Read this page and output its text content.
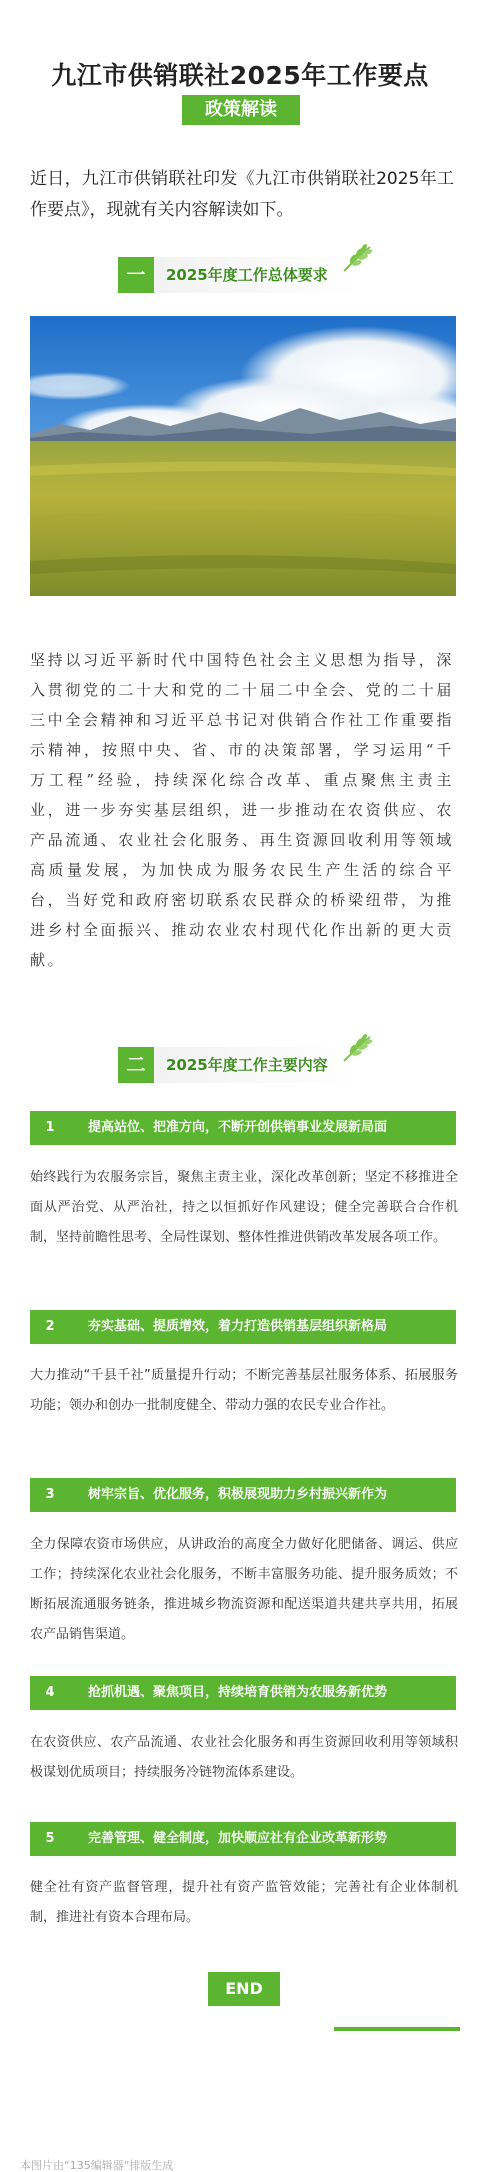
九江市供销联社2025年工作要点
政策解读

近日，九江市供销联社印发《九江市供销联社2025年工作要点》，现就有关内容解读如下。

一	2025年度工作总体要求

坚持以习近平新时代中国特色社会主义思想为指导，深入贯彻党的二十大和党的二十届二中全会、党的二十届三中全会精神和习近平总书记对供销合作社工作重要指示精神，按照中央、省、市的决策部署，学习运用“千万工程”经验，持续深化综合改革、重点聚焦主责主业，进一步夯实基层组织，进一步推动在农资供应、农产品流通、农业社会化服务、再生资源回收利用等领域高质量发展，为加快成为服务农民生产生活的综合平台，当好党和政府密切联系农民群众的桥梁纽带，为推进乡村全面振兴、推动农业农村现代化作出新的更大贡献。

二	2025年度工作主要内容
1	提高站位、把准方向，不断开创供销事业发展新局面

始终践行为农服务宗旨，聚焦主责主业，深化改革创新；坚定不移推进全面从严治党、从严治社，持之以恒抓好作风建设；健全完善联合合作机制，坚持前瞻性思考、全局性谋划、整体性推进供销改革发展各项工作。

2	夯实基础、提质增效，着力打造供销基层组织新格局

大力推动“千县千社”质量提升行动；不断完善基层社服务体系、拓展服务功能；领办和创办一批制度健全、带动力强的农民专业合作社。

3	树牢宗旨、优化服务，积极展现助力乡村振兴新作为

全力保障农资市场供应，从讲政治的高度全力做好化肥储备、调运、供应工作；持续深化农业社会化服务，不断丰富服务功能、提升服务质效；不断拓展流通服务链条，推进城乡物流资源和配送渠道共建共享共用，拓展农产品销售渠道。

4	抢抓机遇、聚焦项目，持续培育供销为农服务新优势

在农资供应、农产品流通、农业社会化服务和再生资源回收利用等领域积极谋划优质项目；持续服务冷链物流体系建设。

5	完善管理、健全制度，加快顺应社有企业改革新形势

健全社有资产监督管理，提升社有资产监管效能；完善社有企业体制机制，推进社有资本合理布局。

END
本图片由“135编辑器”排版生成
